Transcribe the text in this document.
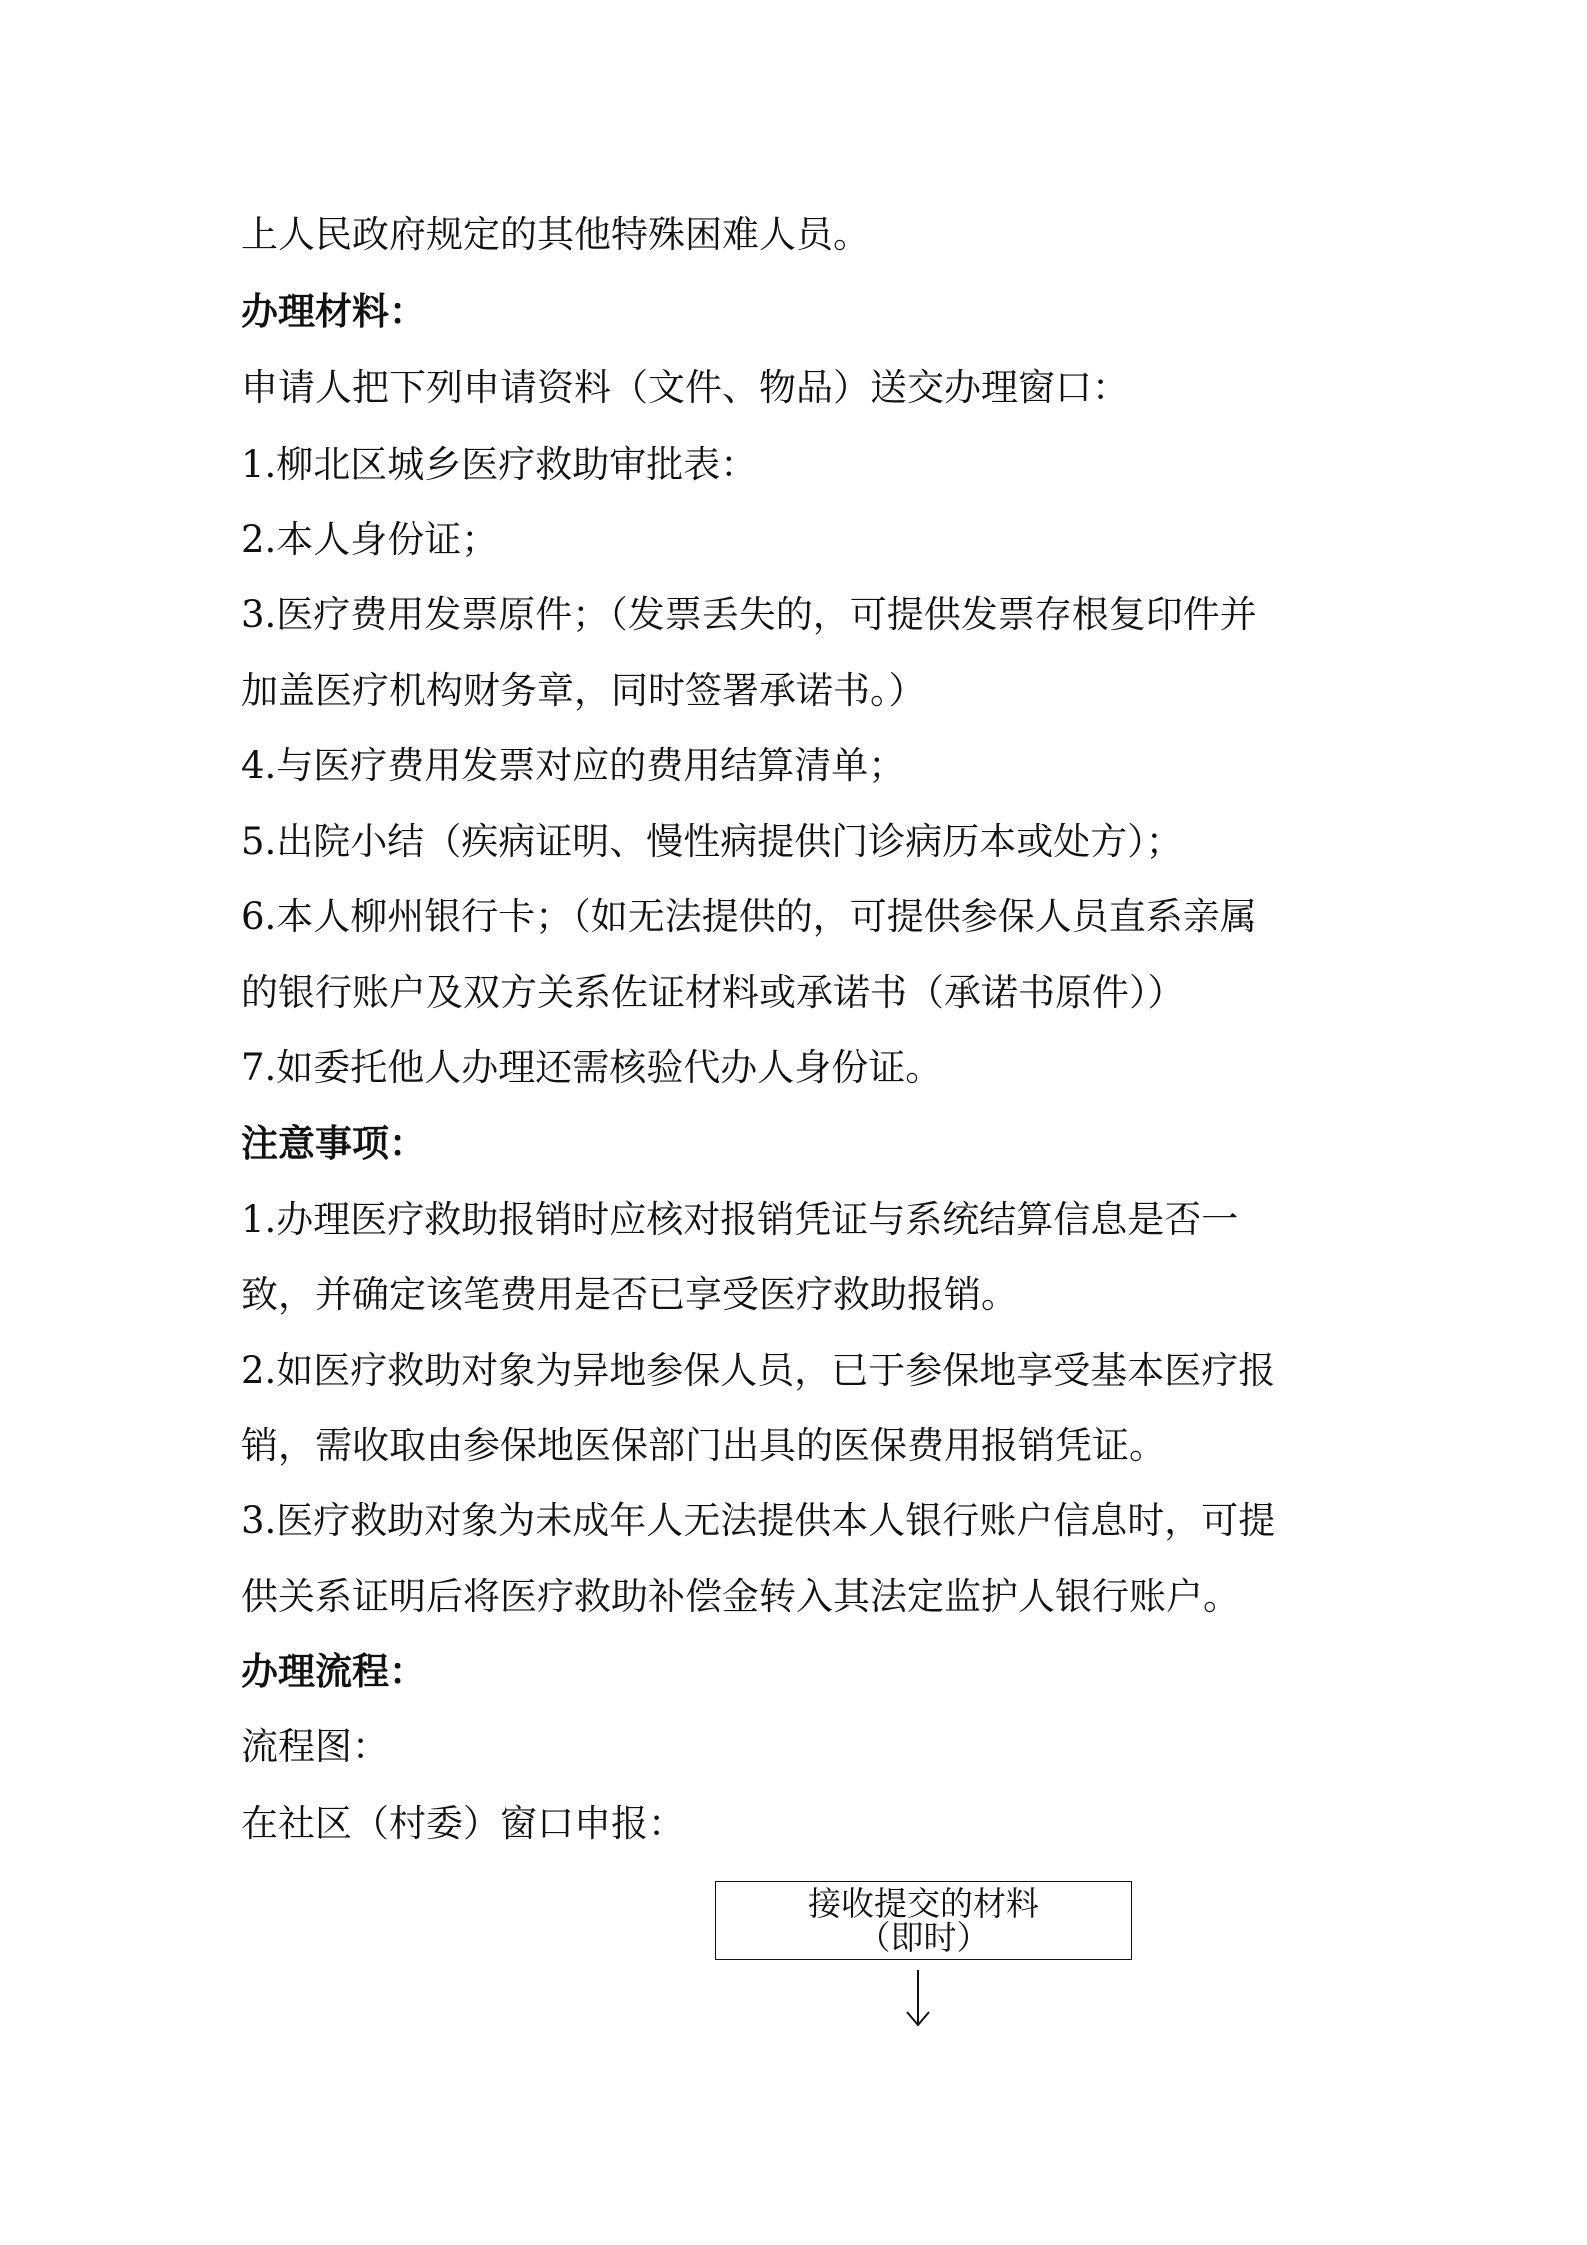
上人民政府规定的其他特殊困难人员。
办理材料：
申请人把下列申请资料（文件、物品）送交办理窗口：
1.柳北区城乡医疗救助审批表：
2.本人身份证；
3.医疗费用发票原件；（发票丢失的，可提供发票存根复印件并
加盖医疗机构财务章，同时签署承诺书。）
4.与医疗费用发票对应的费用结算清单；
5.出院小结（疾病证明、慢性病提供门诊病历本或处方）；
6.本人柳州银行卡；（如无法提供的，可提供参保人员直系亲属
的银行账户及双方关系佐证材料或承诺书（承诺书原件））
7.如委托他人办理还需核验代办人身份证。
注意事项：
1.办理医疗救助报销时应核对报销凭证与系统结算信息是否一
致，并确定该笔费用是否已享受医疗救助报销。
2.如医疗救助对象为异地参保人员，已于参保地享受基本医疗报
销，需收取由参保地医保部门出具的医保费用报销凭证。
3.医疗救助对象为未成年人无法提供本人银行账户信息时，可提
供关系证明后将医疗救助补偿金转入其法定监护人银行账户。
办理流程：
流程图：
在社区（村委）窗口申报：
接收提交的材料
（即时）
